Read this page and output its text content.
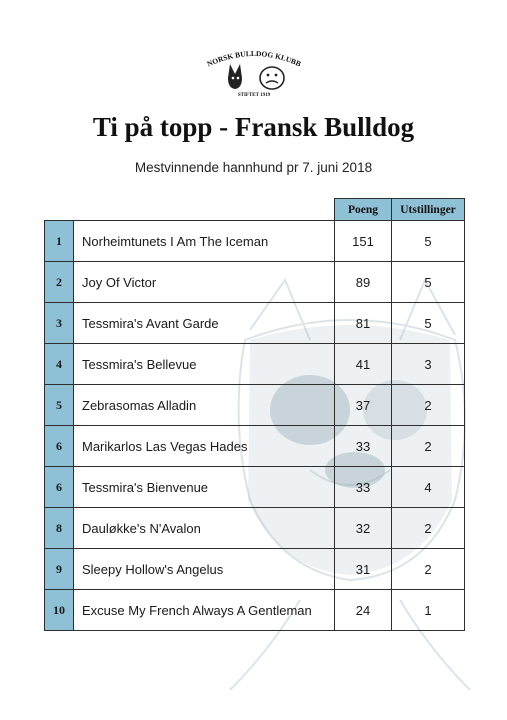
NORSK BULLDOG KLUBB
STIFTET 1919
Ti på topp - Fransk Bulldog
Mestvinnende hannhund pr 7. juni 2018
		Poeng	Utstillinger
1	Norheimtunets I Am The Iceman	151	5
2	Joy Of Victor	89	5
3	Tessmira's Avant Garde	81	5
4	Tessmira's Bellevue	41	3
5	Zebrasomas Alladin	37	2
6	Marikarlos Las Vegas Hades	33	2
6	Tessmira's Bienvenue	33	4
8	Dauløkke's N'Avalon	32	2
9	Sleepy Hollow's Angelus	31	2
10	Excuse My French Always A Gentleman	24	1
